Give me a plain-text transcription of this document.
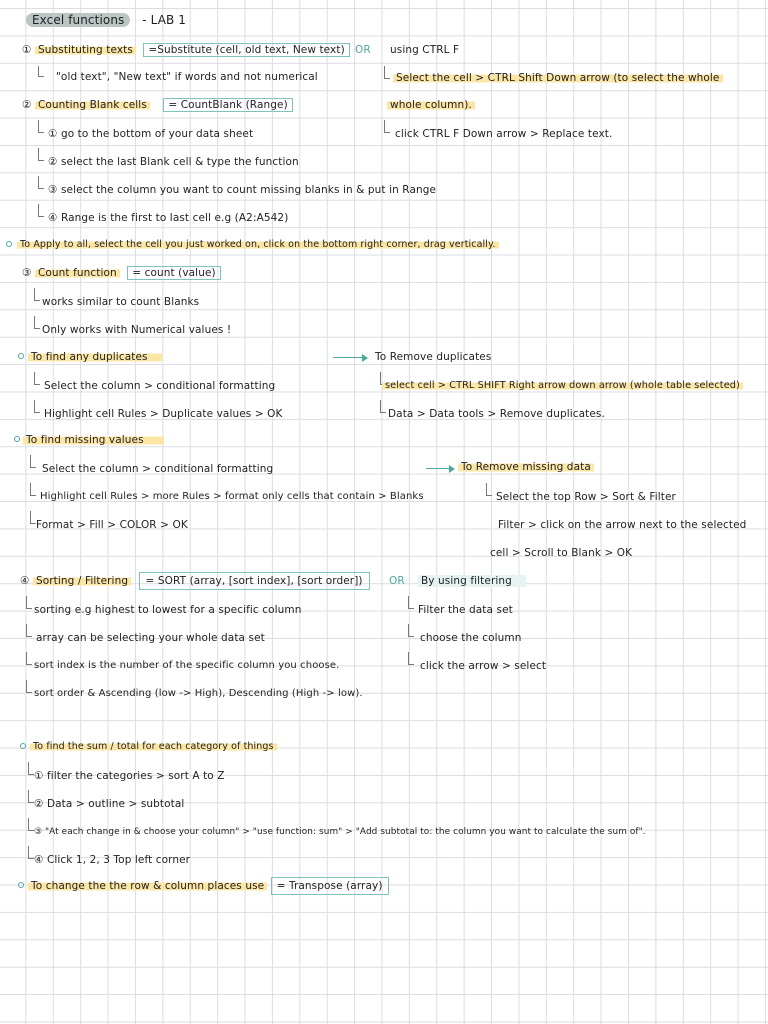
Excel functions - LAB 1
① Substituting texts =Substitute (cell, old text, New text)
"old text", "New text" if words and not numerical
OR using CTRL F
Select the cell > CTRL Shift Down arrow (to select the whole
whole column).
click CTRL F Down arrow > Replace text.
② Counting Blank cells = CountBlank (Range)
① go to the bottom of your data sheet
② select the last Blank cell & type the function
③ select the column you want to count missing blanks in & put in Range
④ Range is the first to last cell e.g (A2:A542)
To Apply to all, select the cell you just worked on, click on the bottom right corner, drag vertically.
③ Count function = count (value)
works similar to count Blanks
Only works with Numerical values !
To find any duplicates
Select the column > conditional formatting
Highlight cell Rules > Duplicate values > OK
To Remove duplicates
select cell > CTRL SHIFT Right arrow down arrow (whole table selected)
Data > Data tools > Remove duplicates.
To find missing values
Select the column > conditional formatting
Highlight cell Rules > more Rules > format only cells that contain > Blanks
Format > Fill > COLOR > OK
To Remove missing data
Select the top Row > Sort & Filter
Filter > click on the arrow next to the selected
cell > Scroll to Blank > OK
④ Sorting / Filtering = SORT (array, [sort index], [sort order])
sorting e.g highest to lowest for a specific column
array can be selecting your whole data set
sort index is the number of the specific column you choose.
sort order & Ascending (low -> High), Descending (High -> low).
OR By using filtering
Filter the data set
choose the column
click the arrow > select
To find the sum / total for each category of things
① filter the categories > sort A to Z
② Data > outline > subtotal
③ "At each change in & choose your column" > "use function: sum" > "Add subtotal to: the column you want to calculate the sum of".
④ Click 1, 2, 3 Top left corner
To change the the row & column places use = Transpose (array)
